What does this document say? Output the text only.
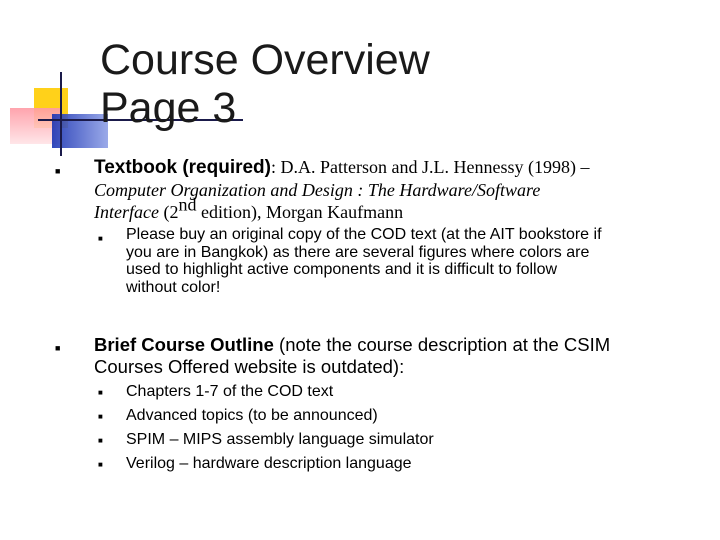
Course Overview
Page 3
■
Textbook (required): D.A. Patterson and J.L. Hennessy (1998) –
Computer Organization and Design : The Hardware/Software
Interface (2nd edition), Morgan Kaufmann
■
Please buy an original copy of the COD text (at the AIT bookstore if
you are in Bangkok) as there are several figures where colors are
used to highlight active components and it is difficult to follow
without color!
■
Brief Course Outline (note the course description at the CSIM
Courses Offered website is outdated):
■
■
■
■
Chapters 1-7 of the COD text
Advanced topics (to be announced)
SPIM – MIPS assembly language simulator
Verilog – hardware description language
